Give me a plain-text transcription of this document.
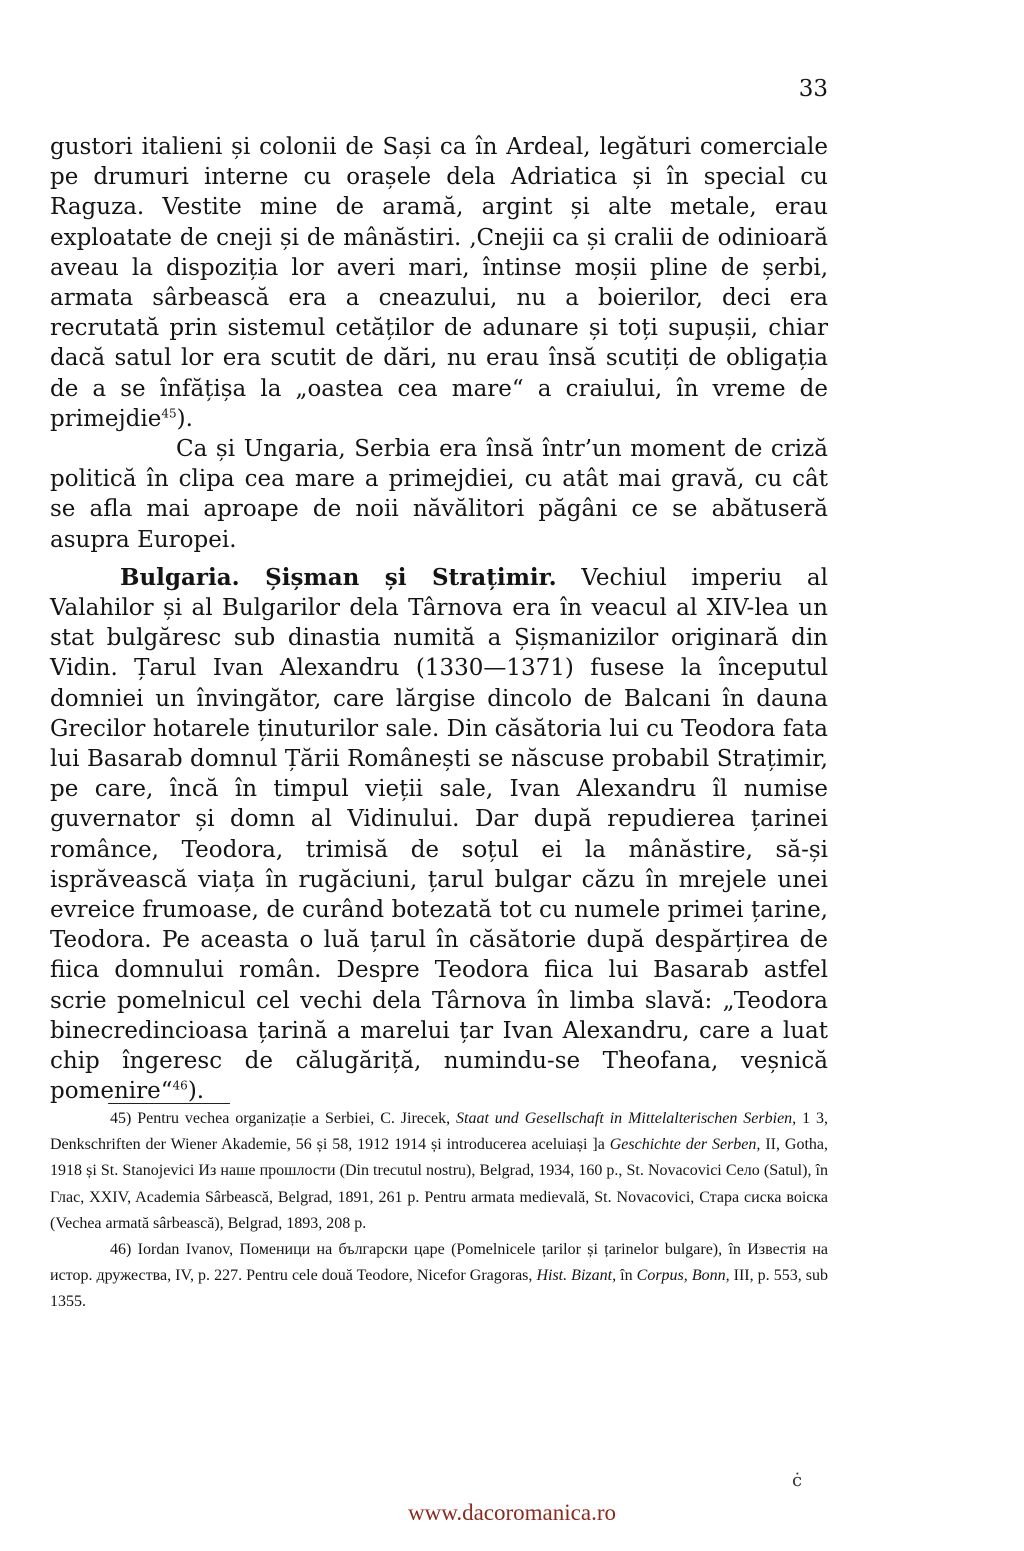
33

gustori italieni și colonii de Sași ca în Ardeal, legături comerciale pe drumuri interne cu orașele dela Adriatica și în special cu Raguza. Vestite mine de aramă, argint și alte metale, erau exploatate de cneji și de mânăstiri. ‚Cnejii ca și cralii de odinioară aveau la dispoziția lor averi mari, întinse moșii pline de șerbi, armata sârbească era a cneazului, nu a boierilor, deci era recrutată prin sistemul cetăților de adunare și toți supușii, chiar dacă satul lor era scutit de dări, nu erau însă scutiți de obligația de a se înfățișa la „oastea cea mare“ a craiului, în vreme de primejdie$^{45}$).

Ca și Ungaria, Serbia era însă într’un moment de criză politică în clipa cea mare a primejdiei, cu atât mai gravă, cu cât se afla mai aproape de noii năvălitori păgâni ce se abătuseră asupra Europei.

Bulgaria. Șișman și Strațimir. Vechiul imperiu al Valahilor și al Bulgarilor dela Târnova era în veacul al XIV-lea un stat bulgăresc sub dinastia numită a Șișmanizilor originară din Vidin. Țarul Ivan Alexandru (1330—1371) fusese la începutul domniei un învingător, care lărgise dincolo de Balcani în dauna Grecilor hotarele ținuturilor sale. Din căsătoria lui cu Teodora fata lui Basarab domnul Țării Românești se născuse probabil Strațimir, pe care, încă în timpul vieții sale, Ivan Alexandru îl numise guvernator și domn al Vidinului. Dar după repudierea țarinei românce, Teodora, trimisă de soțul ei la mânăstire, să-și isprăvească viața în rugăciuni, țarul bulgar căzu în mrejele unei evreice frumoase, de curând botezată tot cu numele primei țarine, Teodora. Pe aceasta o luă țarul în căsătorie după despărțirea de fiica domnului român. Despre Teodora fiica lui Basarab astfel scrie pomelnicul cel vechi dela Târnova în limba slavă: „Teodora binecredincioasa țarină a marelui țar Ivan Alexandru, care a luat chip îngeresc de călugăriță, numindu-se Theofana, veșnică pomenire“$^{46}$).

45) Pentru vechea organizație a Serbiei, C. Jirecek, Staat und Gesellschaft in Mittelalterischen Serbien, 1 3, Denkschriften der Wiener Akademie, 56 și 58, 1912 1914 și introducerea aceluiași ]a Geschichte der Serben, II, Gotha, 1918 și St. Stanojevici Из наше прошлости (Din trecutul nostru), Belgrad, 1934, 160 p., St. Novacovici Село (Satul), în Глас, XXIV, Academia Sârbească, Belgrad, 1891, 261 p. Pentru armata medievală, St. Novacovici, Стара сиcка воiска (Vechea armată sârbească), Belgrad, 1893, 208 p.

46) Iordan Ivanov, Поменици на български царе (Pomelnicele țarilor și țarinelor bulgare), în Известiя на истор. дружества, IV, p. 227. Pentru cele două Teodore, Nicefor Gragoras, Hist. Bizant, în Corpus, Bonn, III, p. 553, sub 1355.

ċ
www.dacoromanica.ro
